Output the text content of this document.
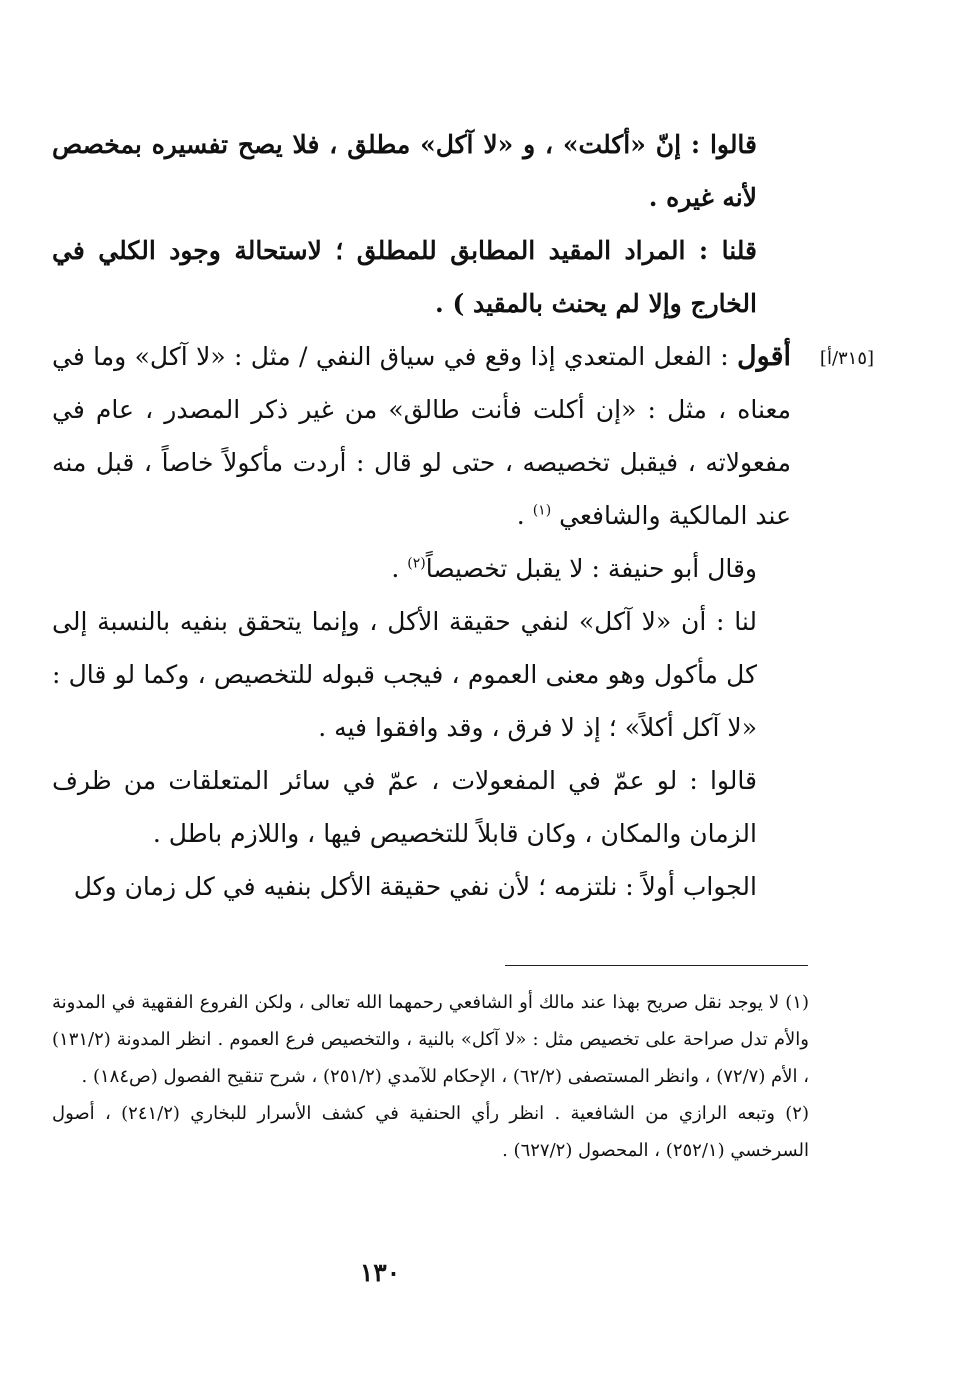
[٣١٥/أ]

قالوا : إنّ «أكلت» ، و «لا آكل» مطلق ، فلا يصح تفسيره بمخصص لأنه غيره .

قلنا : المراد المقيد المطابق للمطلق ؛ لاستحالة وجود الكلي في الخارج وإلا لم يحنث بالمقيد ) .

أقول : الفعل المتعدي إذا وقع في سياق النفي / مثل : «لا آكل» وما في معناه ، مثل : «إن أكلت فأنت طالق» من غير ذكر المصدر ، عام في مفعولاته ، فيقبل تخصيصه ، حتى لو قال : أردت مأكولاً خاصاً ، قبل منه عند المالكية والشافعي $^{(١)}$ .

وقال أبو حنيفة : لا يقبل تخصيصاً$^{(٢)}$ .

لنا : أن «لا آكل» لنفي حقيقة الأكل ، وإنما يتحقق بنفيه بالنسبة إلى كل مأكول وهو معنى العموم ، فيجب قبوله للتخصيص ، وكما لو قال : «لا آكل أكلاً» ؛ إذ لا فرق ، وقد وافقوا فيه .

قالوا : لو عمّ في المفعولات ، عمّ في سائر المتعلقات من ظرف الزمان والمكان ، وكان قابلاً للتخصيص فيها ، واللازم باطل .

الجواب أولاً : نلتزمه ؛ لأن نفي حقيقة الأكل بنفيه في كل زمان وكل

(١) لا يوجد نقل صريح بهذا عند مالك أو الشافعي رحمهما الله تعالى ، ولكن الفروع الفقهية في المدونة والأم تدل صراحة على تخصيص مثل : «لا آكل» بالنية ، والتخصيص فرع العموم . انظر المدونة (١٣١/٢) ، الأم (٧٢/٧) ، وانظر المستصفى (٦٢/٢) ، الإحكام للآمدي (٢٥١/٢) ، شرح تنقيح الفصول (ص١٨٤) .

(٢) وتبعه الرازي من الشافعية . انظر رأي الحنفية في كشف الأسرار للبخاري (٢٤١/٢) ، أصول السرخسي (٢٥٢/١) ، المحصول (٦٢٧/٢) .

١٣٠
